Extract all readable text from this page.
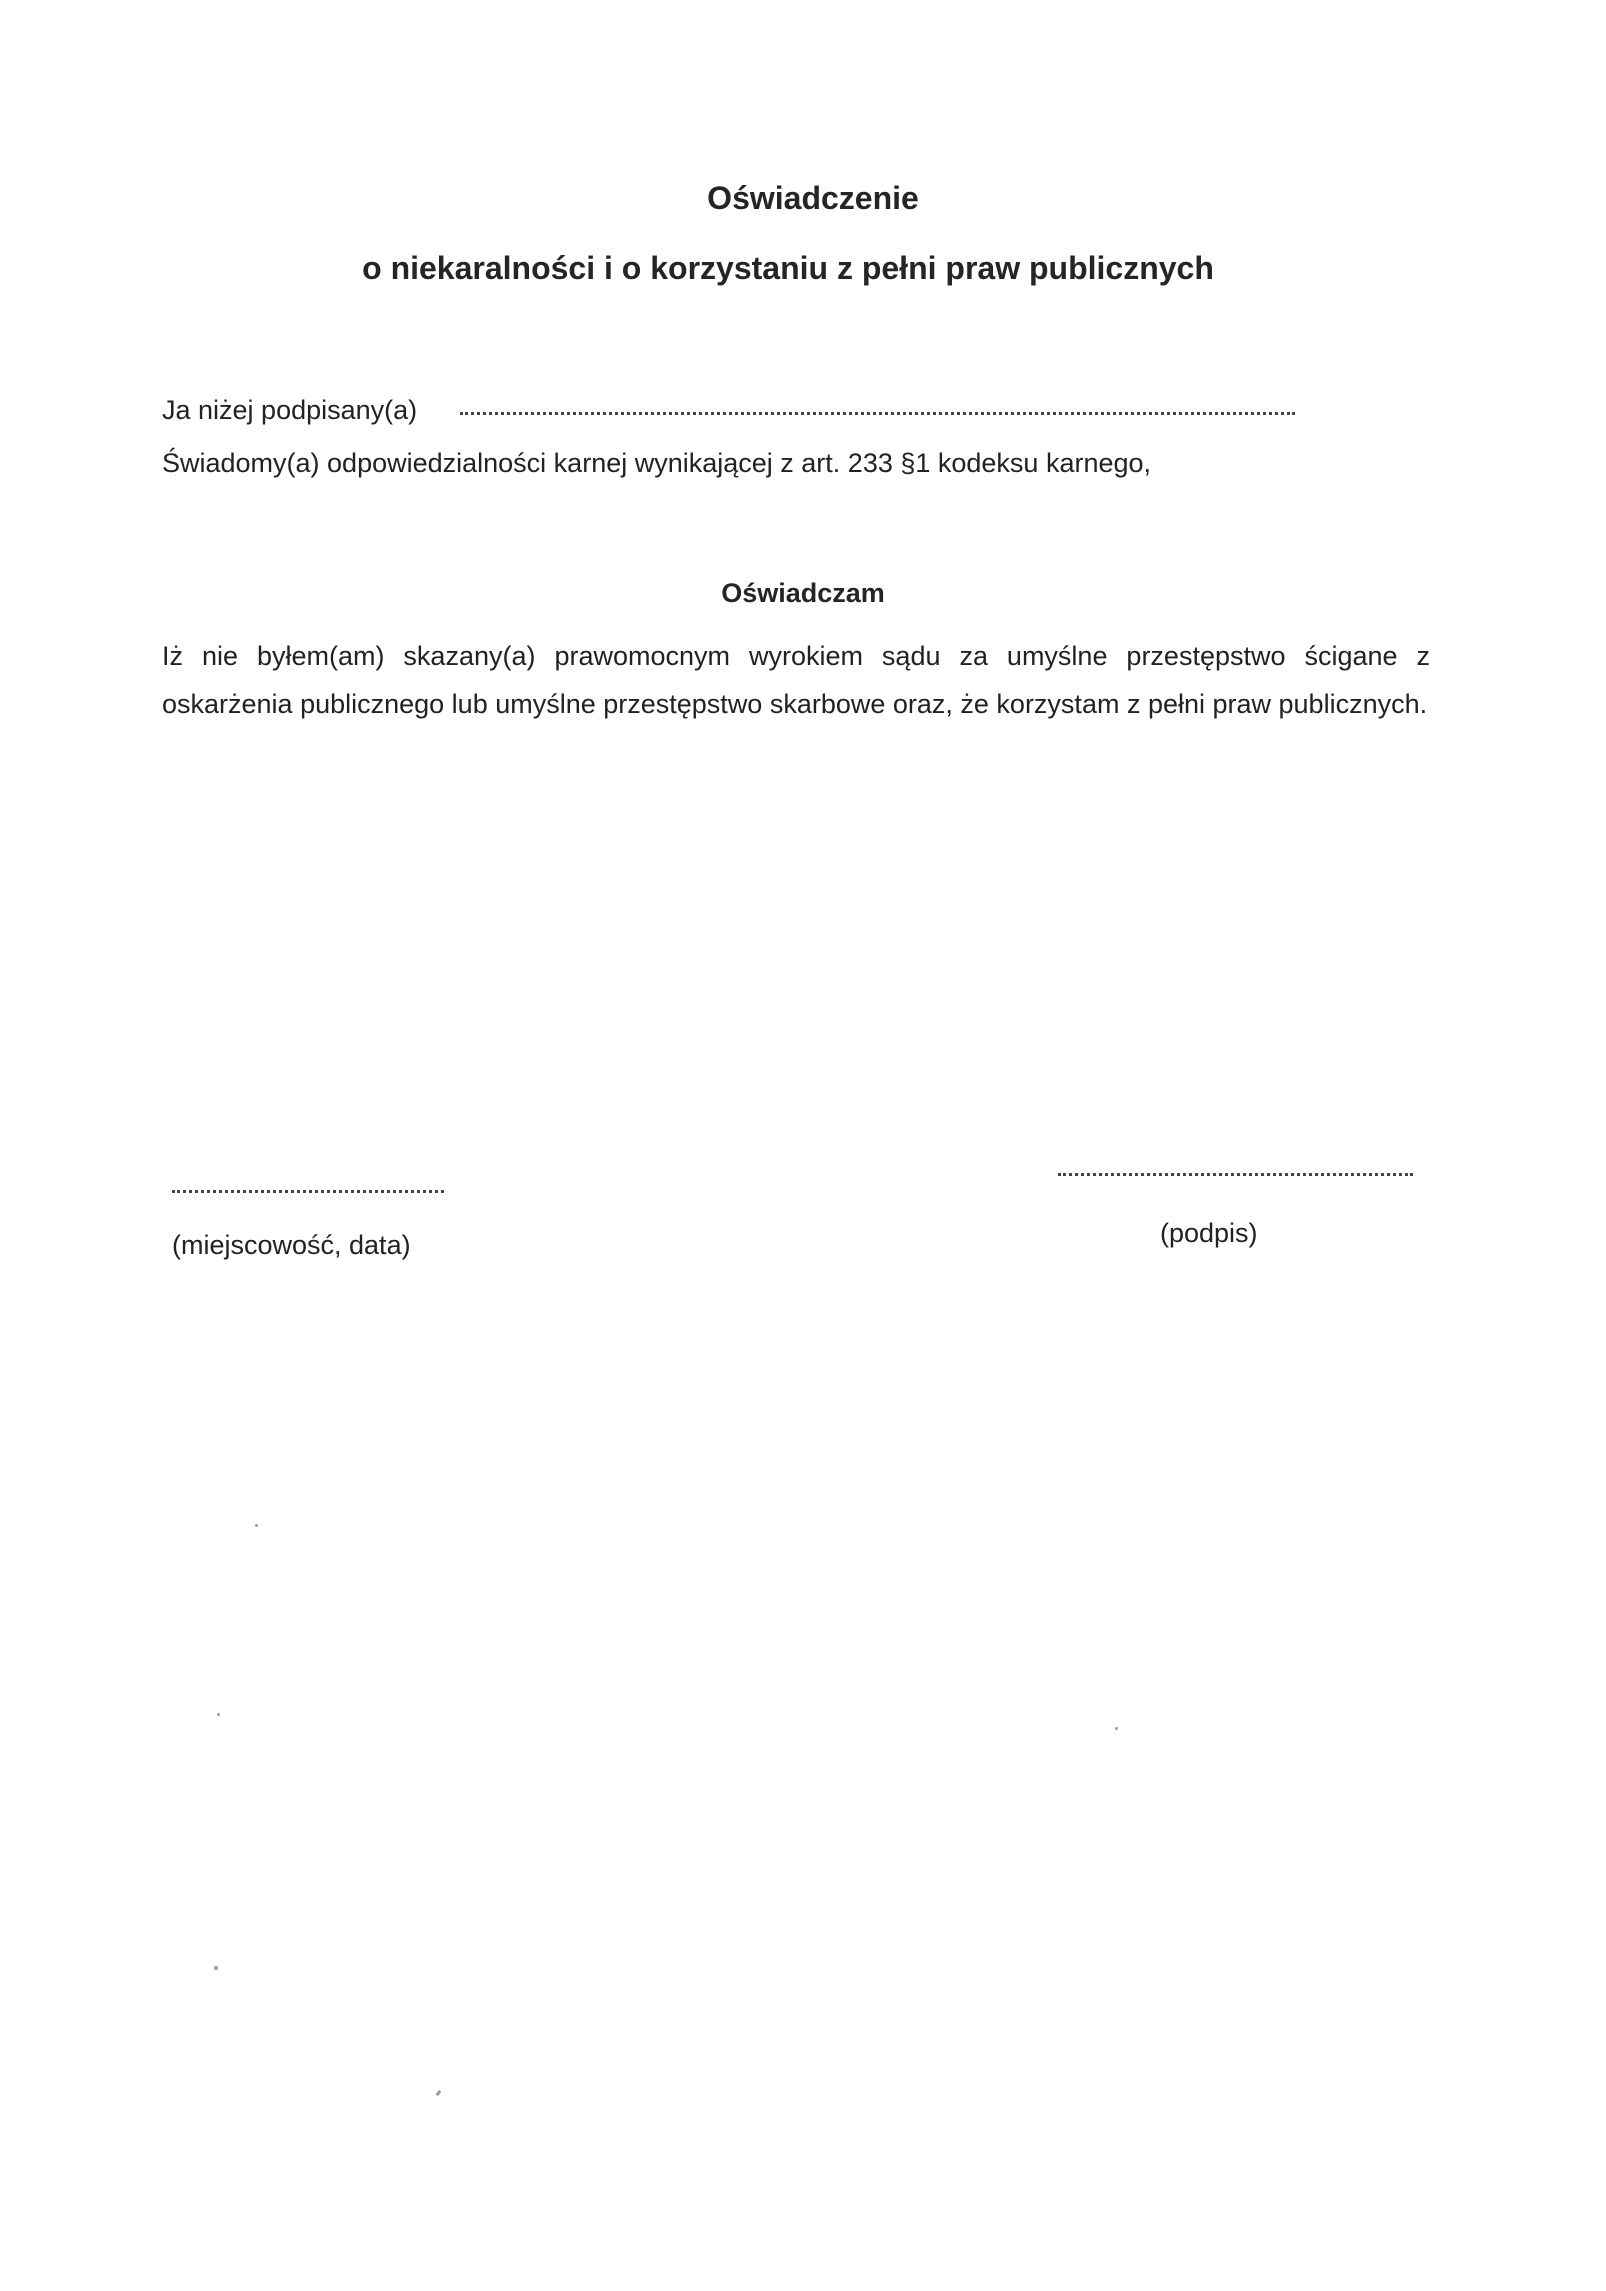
Oświadczenie
o niekaralności i o korzystaniu z pełni praw publicznych
Ja niżej podpisany(a)
Świadomy(a) odpowiedzialności karnej wynikającej z art. 233 §1 kodeksu karnego,
Oświadczam
Iż nie byłem(am) skazany(a) prawomocnym wyrokiem sądu za umyślne przestępstwo ścigane z oskarżenia publicznego lub umyślne przestępstwo skarbowe oraz, że korzystam z pełni praw publicznych.
(miejscowość, data)	(podpis)
